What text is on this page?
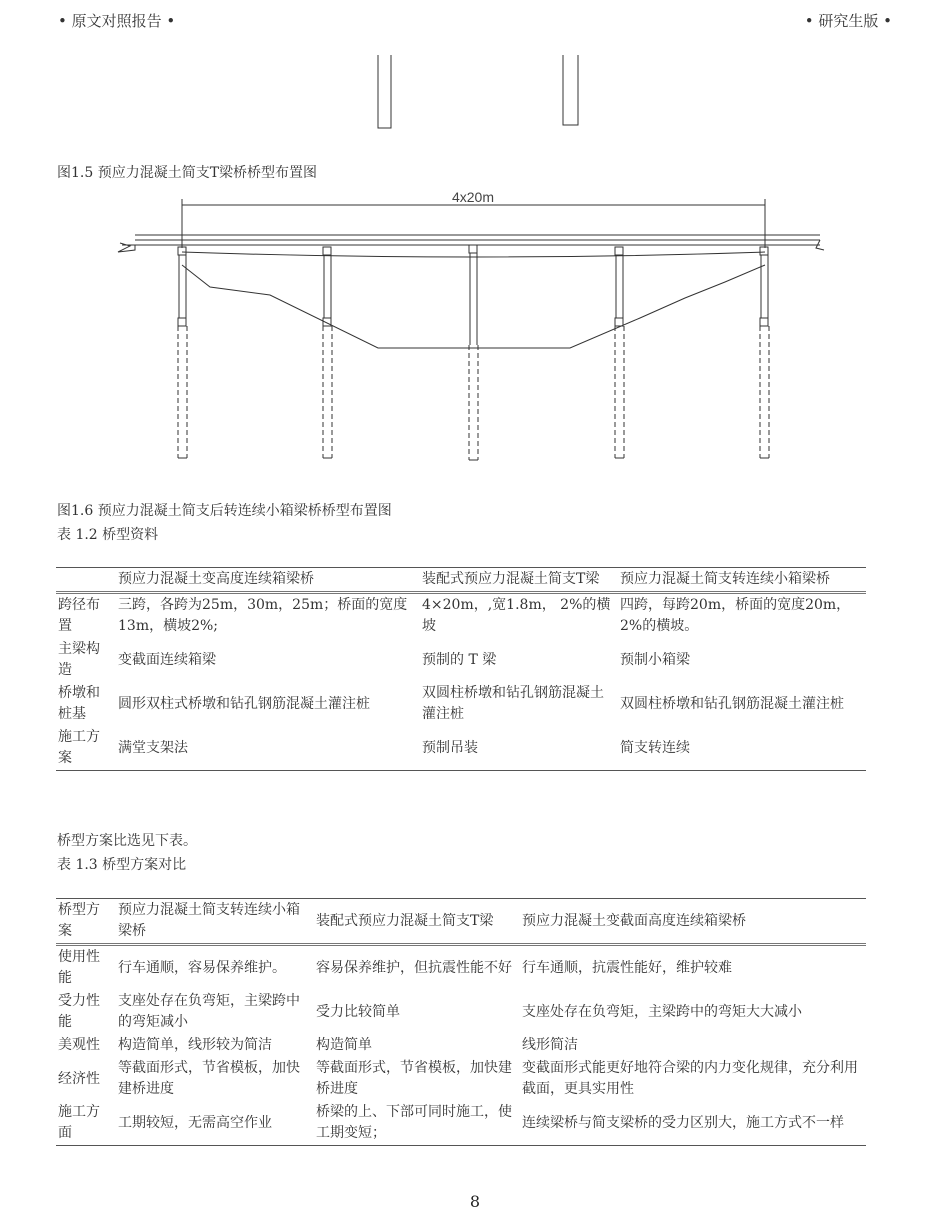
• 原文对照报告 •	• 研究生版 •
4x20m
图1.5 预应力混凝土简支T梁桥桥型布置图
图1.6 预应力混凝土简支后转连续小箱梁桥桥型布置图
表 1.2 桥型资料
	预应力混凝土变高度连续箱梁桥	装配式预应力混凝土简支T梁	预应力混凝土简支转连续小箱梁桥
跨径布置	三跨，各跨为25m，30m，25m；桥面的宽度13m，横坡2%;	4×20m，,宽1.8m， 2%的横坡	四跨，每跨20m，桥面的宽度20m，2%的横坡。
主梁构造	变截面连续箱梁	预制的 T 梁	预制小箱梁
桥墩和桩基	圆形双柱式桥墩和钻孔钢筋混凝土灌注桩	双圆柱桥墩和钻孔钢筋混凝土灌注桩	双圆柱桥墩和钻孔钢筋混凝土灌注桩
施工方案	满堂支架法	预制吊装	简支转连续
桥型方案比选见下表。
表 1.3 桥型方案对比
桥型方案	预应力混凝土简支转连续小箱梁桥	装配式预应力混凝土简支T梁	预应力混凝土变截面高度连续箱梁桥
使用性能	行车通顺，容易保养维护。	容易保养维护，但抗震性能不好	行车通顺，抗震性能好，维护较难
受力性能	支座处存在负弯矩，主梁跨中的弯矩减小	受力比较简单	支座处存在负弯矩，主梁跨中的弯矩大大减小
美观性	构造简单，线形较为简洁	构造简单	线形简洁
经济性	等截面形式，节省模板，加快建桥进度	等截面形式，节省模板，加快建桥进度	变截面形式能更好地符合梁的内力变化规律，充分利用截面，更具实用性
施工方面	工期较短，无需高空作业	桥梁的上、下部可同时施工，使工期变短；	连续梁桥与简支梁桥的受力区别大，施工方式不一样
8
